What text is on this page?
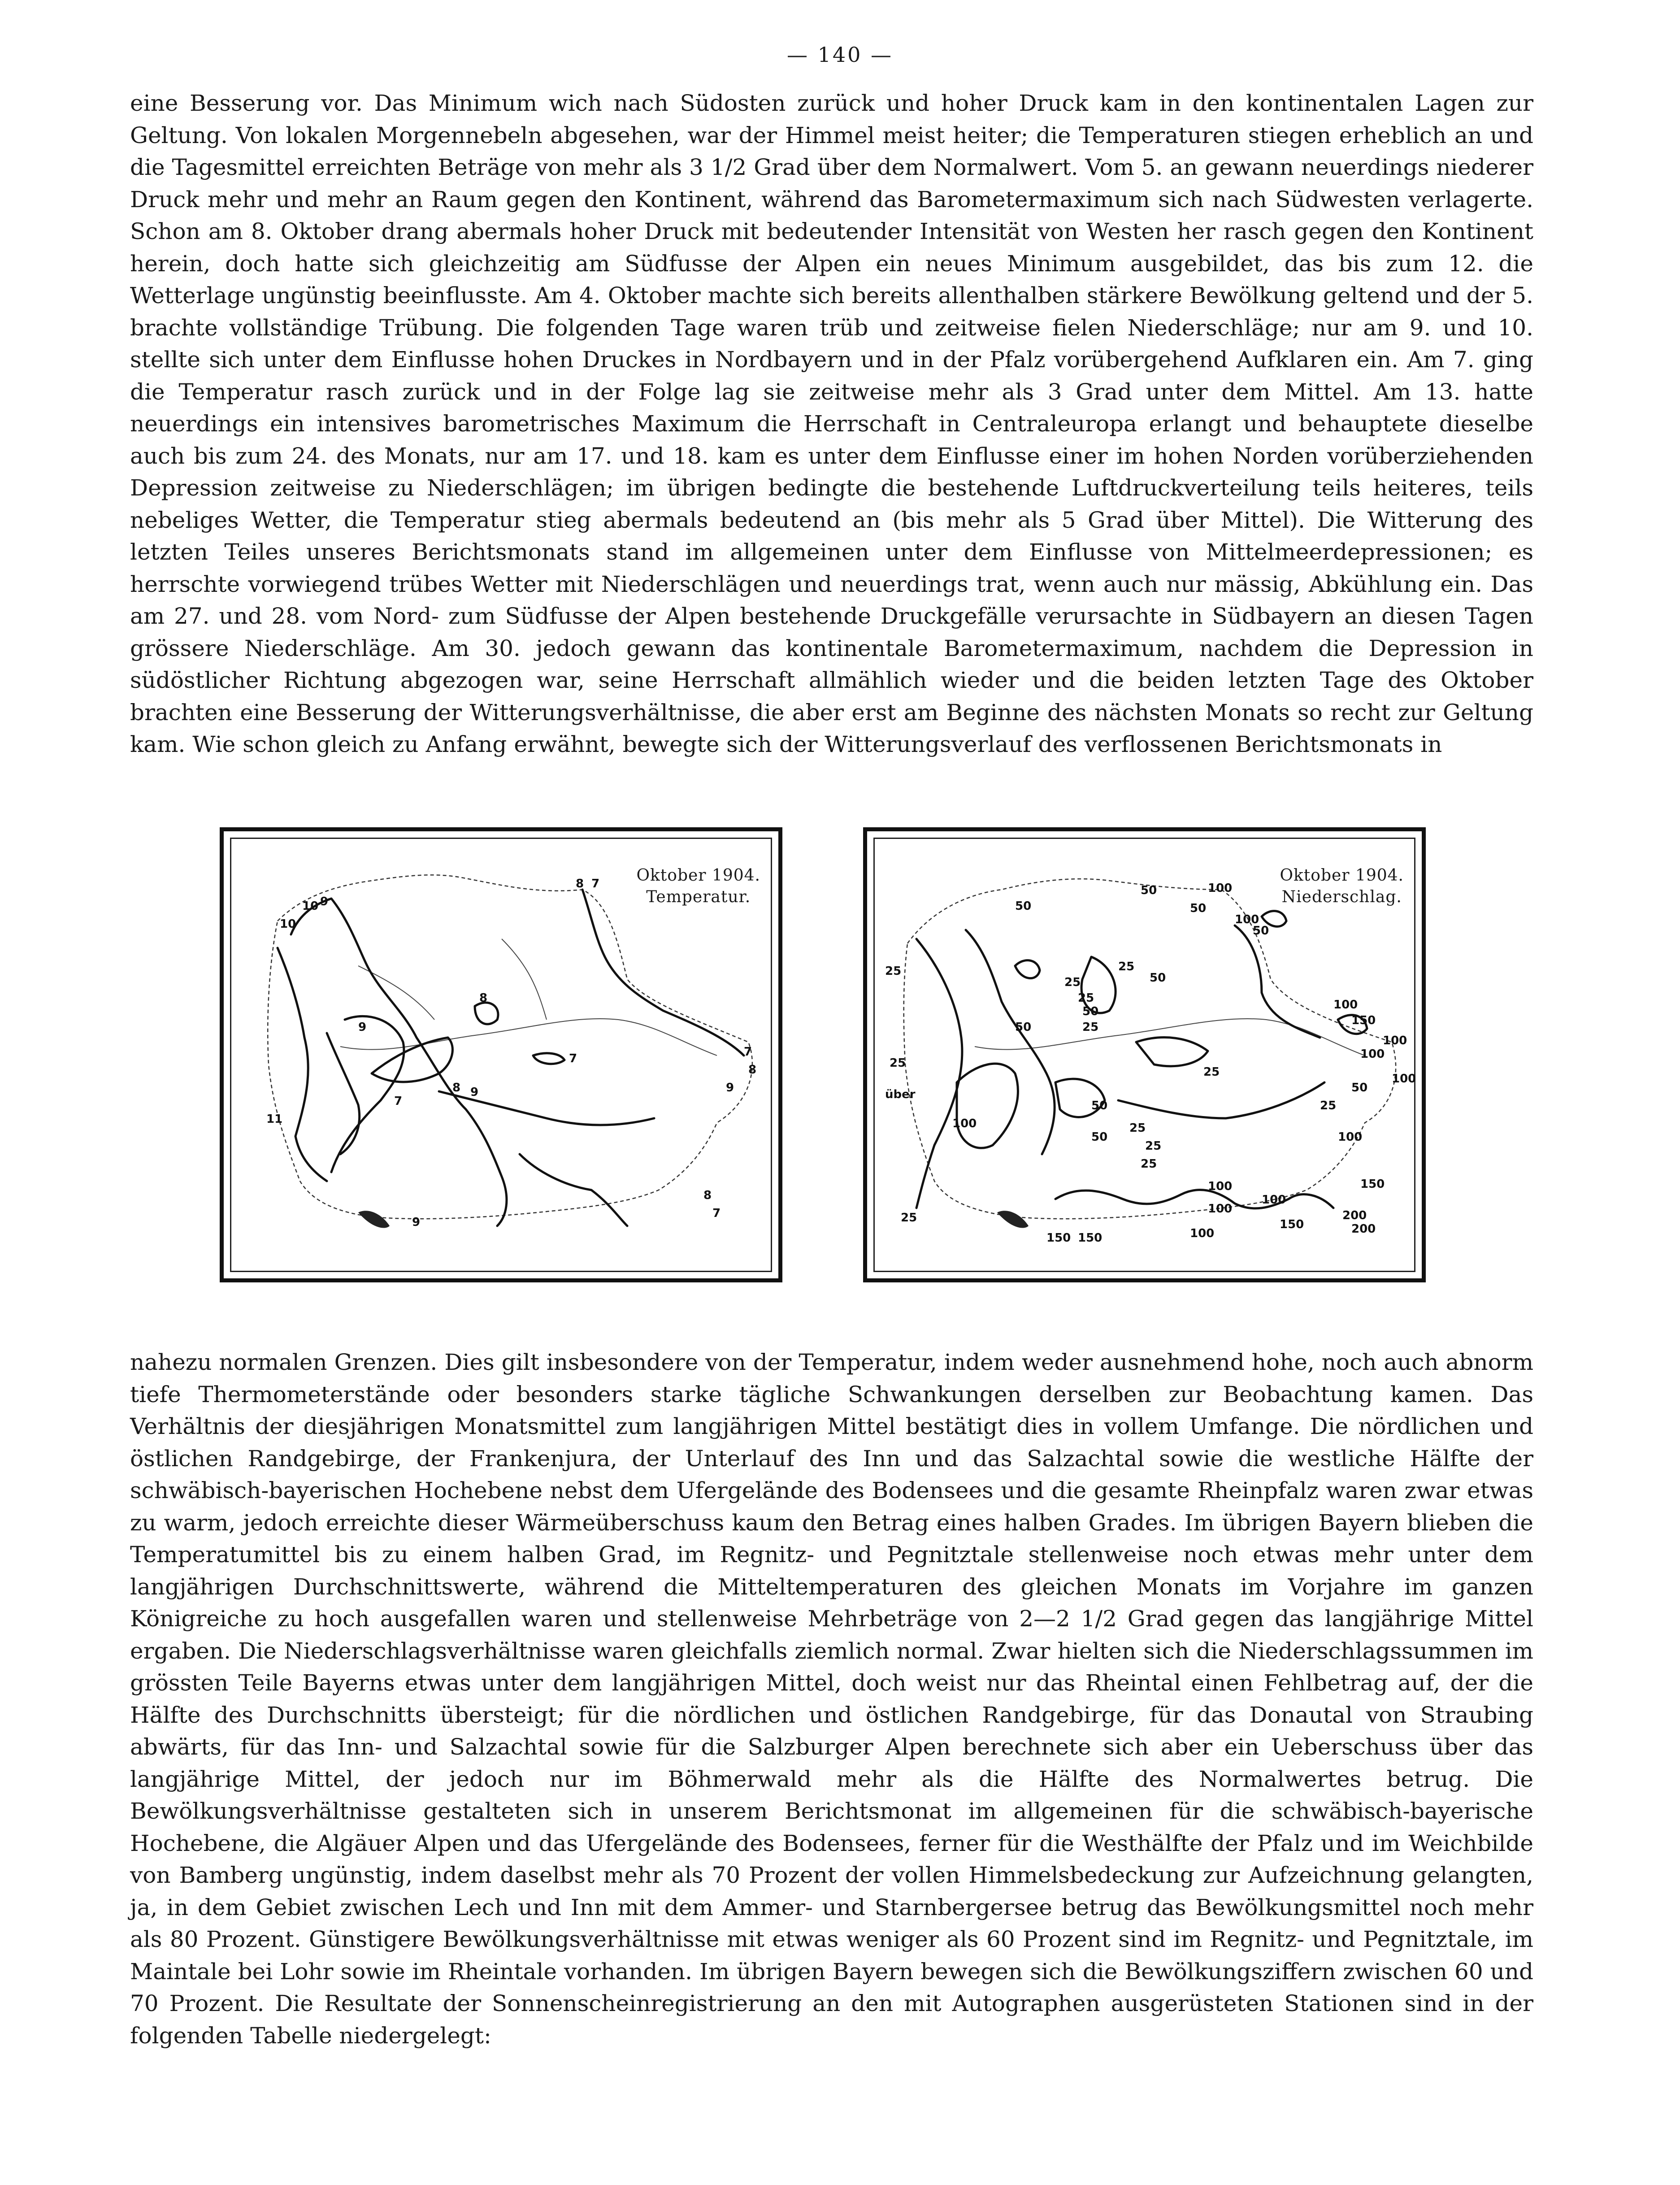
— 140 —
eine Besserung vor. Das Minimum wich nach Südosten zurück und hoher Druck kam in den kontinentalen Lagen zur Geltung. Von lokalen Morgennebeln abgesehen, war der Himmel meist heiter; die Temperaturen stiegen erheblich an und die Tagesmittel erreichten Beträge von mehr als 3 1/2 Grad über dem Normalwert. Vom 5. an gewann neuerdings niederer Druck mehr und mehr an Raum gegen den Kontinent, während das Barometermaximum sich nach Südwesten verlagerte. Schon am 8. Oktober drang abermals hoher Druck mit bedeutender Intensität von Westen her rasch gegen den Kontinent herein, doch hatte sich gleichzeitig am Südfusse der Alpen ein neues Minimum ausgebildet, das bis zum 12. die Wetterlage ungünstig beeinflusste. Am 4. Oktober machte sich bereits allenthalben stärkere Bewölkung geltend und der 5. brachte vollständige Trübung. Die folgenden Tage waren trüb und zeitweise fielen Niederschläge; nur am 9. und 10. stellte sich unter dem Einflusse hohen Druckes in Nordbayern und in der Pfalz vorübergehend Aufklaren ein. Am 7. ging die Temperatur rasch zurück und in der Folge lag sie zeitweise mehr als 3 Grad unter dem Mittel. Am 13. hatte neuerdings ein intensives barometrisches Maximum die Herrschaft in Centraleuropa erlangt und behauptete dieselbe auch bis zum 24. des Monats, nur am 17. und 18. kam es unter dem Einflusse einer im hohen Norden vorüberziehenden Depression zeitweise zu Niederschlägen; im übrigen bedingte die bestehende Luftdruckverteilung teils heiteres, teils nebeliges Wetter, die Temperatur stieg abermals bedeutend an (bis mehr als 5 Grad über Mittel). Die Witterung des letzten Teiles unseres Berichtsmonats stand im allgemeinen unter dem Einflusse von Mittelmeerdepressionen; es herrschte vorwiegend trübes Wetter mit Niederschlägen und neuerdings trat, wenn auch nur mässig, Abkühlung ein. Das am 27. und 28. vom Nord- zum Südfusse der Alpen bestehende Druckgefälle verursachte in Südbayern an diesen Tagen grössere Niederschläge. Am 30. jedoch gewann das kontinentale Barometermaximum, nachdem die Depression in südöstlicher Richtung abgezogen war, seine Herrschaft allmählich wieder und die beiden letzten Tage des Oktober brachten eine Besserung der Witterungsverhältnisse, die aber erst am Beginne des nächsten Monats so recht zur Geltung kam. Wie schon gleich zu Anfang erwähnt, bewegte sich der Witterungsverlauf des verflossenen Berichtsmonats in
10
10 9
9
8
8
7
7	7
8
9
8
7
11
7
9
8
9
Oktober 1904.
Temperatur.	50	100
50
100
50
50
25
25	50
50
25
25
50
25
100
150
100
100
100
50
25
25
über
25
50
100	25
25
100
50
25
100	150
25
100
100
150
200
200
150 150	100
Oktober 1904.
Niederschlag.
nahezu normalen Grenzen. Dies gilt insbesondere von der Temperatur, indem weder ausnehmend hohe, noch auch abnorm tiefe Thermometerstände oder besonders starke tägliche Schwankungen derselben zur Beobachtung kamen. Das Verhältnis der diesjährigen Monatsmittel zum langjährigen Mittel bestätigt dies in vollem Umfange. Die nördlichen und östlichen Randgebirge, der Frankenjura, der Unterlauf des Inn und das Salzachtal sowie die westliche Hälfte der schwäbisch-bayerischen Hochebene nebst dem Ufergelände des Bodensees und die gesamte Rheinpfalz waren zwar etwas zu warm, jedoch erreichte dieser Wärmeüberschuss kaum den Betrag eines halben Grades. Im übrigen Bayern blieben die Temperatumittel bis zu einem halben Grad, im Regnitz- und Pegnitztale stellenweise noch etwas mehr unter dem langjährigen Durchschnittswerte, während die Mitteltemperaturen des gleichen Monats im Vorjahre im ganzen Königreiche zu hoch ausgefallen waren und stellenweise Mehrbeträge von 2—2 1/2 Grad gegen das langjährige Mittel ergaben. Die Niederschlagsverhältnisse waren gleichfalls ziemlich normal. Zwar hielten sich die Niederschlagssummen im grössten Teile Bayerns etwas unter dem langjährigen Mittel, doch weist nur das Rheintal einen Fehlbetrag auf, der die Hälfte des Durchschnitts übersteigt; für die nördlichen und östlichen Randgebirge, für das Donautal von Straubing abwärts, für das Inn- und Salzachtal sowie für die Salzburger Alpen berechnete sich aber ein Ueberschuss über das langjährige Mittel, der jedoch nur im Böhmerwald mehr als die Hälfte des Normalwertes betrug. Die Bewölkungsverhältnisse gestalteten sich in unserem Berichtsmonat im allgemeinen für die schwäbisch-bayerische Hochebene, die Algäuer Alpen und das Ufergelände des Bodensees, ferner für die Westhälfte der Pfalz und im Weichbilde von Bamberg ungünstig, indem daselbst mehr als 70 Prozent der vollen Himmelsbedeckung zur Aufzeichnung gelangten, ja, in dem Gebiet zwischen Lech und Inn mit dem Ammer- und Starnbergersee betrug das Bewölkungsmittel noch mehr als 80 Prozent. Günstigere Bewölkungsverhältnisse mit etwas weniger als 60 Prozent sind im Regnitz- und Pegnitztale, im Maintale bei Lohr sowie im Rheintale vorhanden. Im übrigen Bayern bewegen sich die Bewölkungsziffern zwischen 60 und 70 Prozent. Die Resultate der Sonnenscheinregistrierung an den mit Autographen ausgerüsteten Stationen sind in der folgenden Tabelle niedergelegt:
